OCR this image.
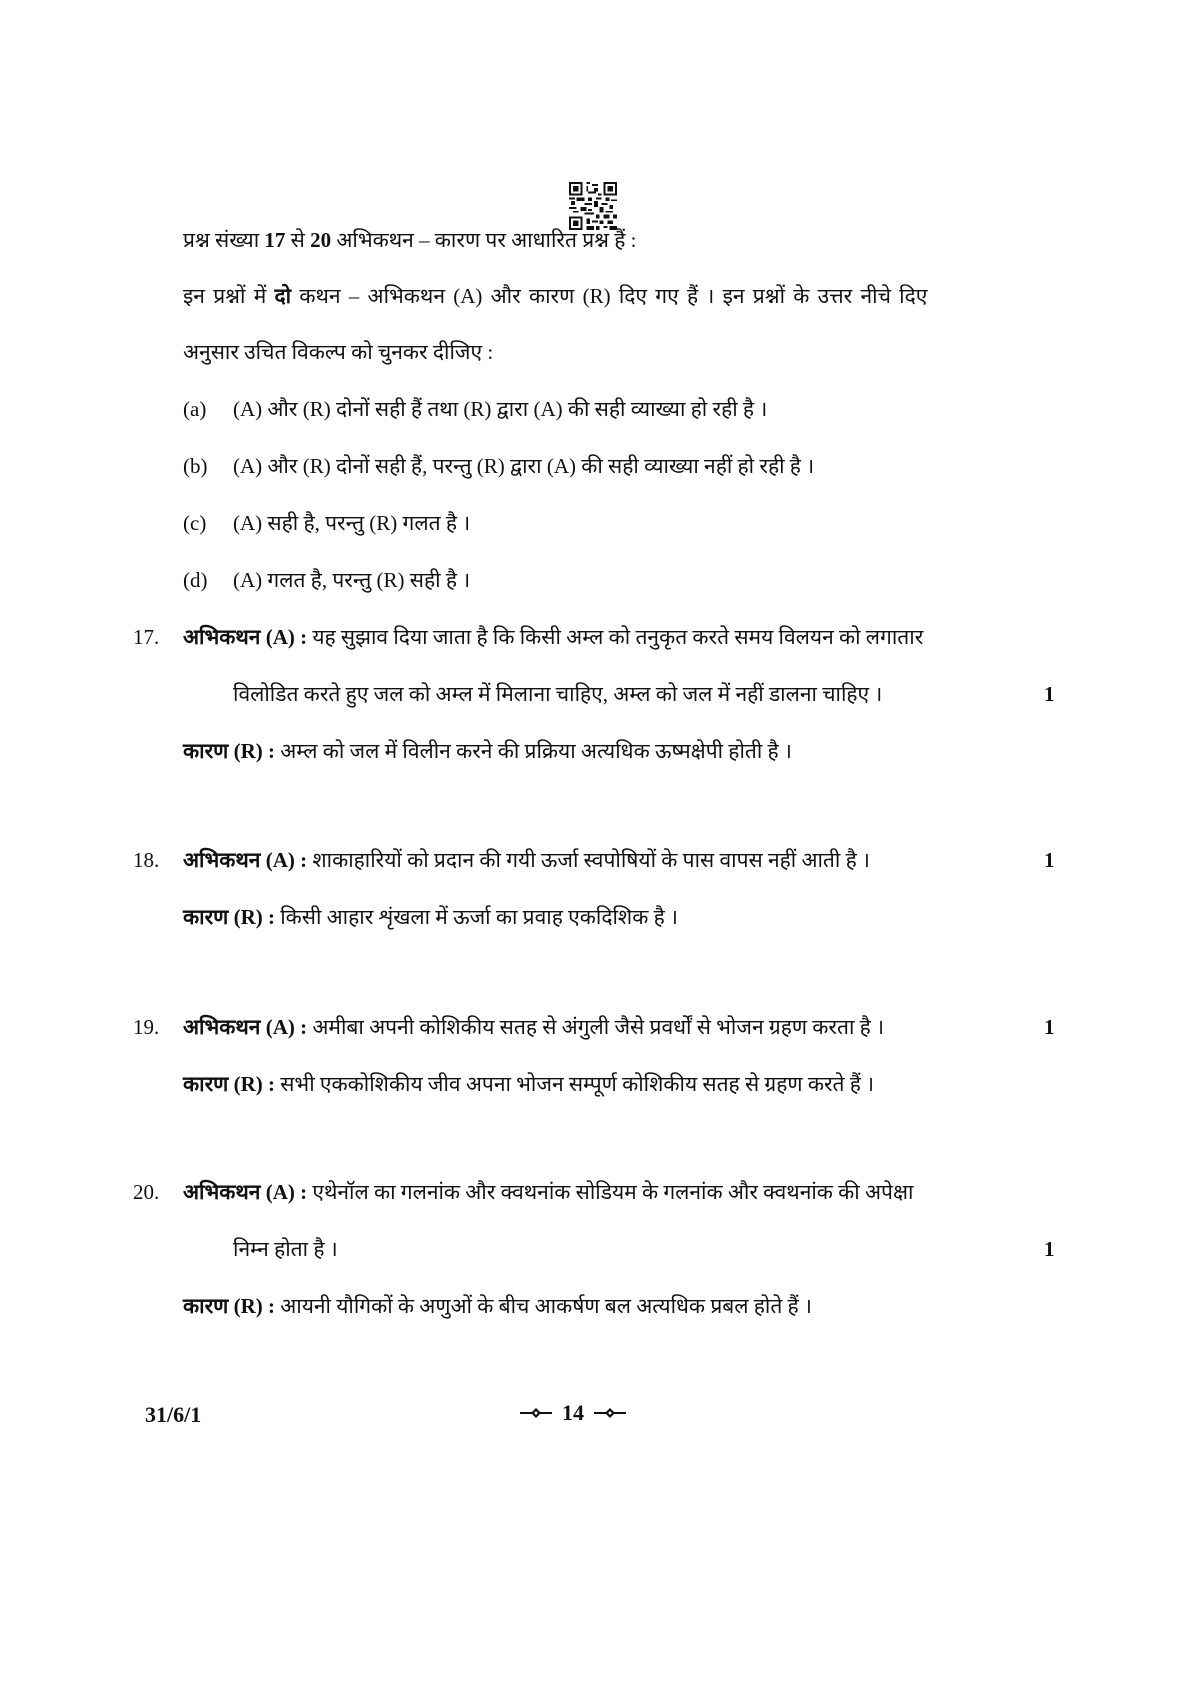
प्रश्न संख्या 17 से 20 अभिकथन – कारण पर आधारित प्रश्न हैं :
इन प्रश्नों में दो कथन – अभिकथन (A) और कारण (R) दिए गए हैं । इन प्रश्नों के उत्तर नीचे दिए
अनुसार उचित विकल्प को चुनकर दीजिए :
(a) (A) और (R) दोनों सही हैं तथा (R) द्वारा (A) की सही व्याख्या हो रही है ।
(b) (A) और (R) दोनों सही हैं, परन्तु (R) द्वारा (A) की सही व्याख्या नहीं हो रही है ।
(c) (A) सही है, परन्तु (R) गलत है ।
(d) (A) गलत है, परन्तु (R) सही है ।
17. अभिकथन (A) : यह सुझाव दिया जाता है कि किसी अम्ल को तनुकृत करते समय विलयन को लगातार
विलोडित करते हुए जल को अम्ल में मिलाना चाहिए, अम्ल को जल में नहीं डालना चाहिए ।	1
कारण (R) : अम्ल को जल में विलीन करने की प्रक्रिया अत्यधिक ऊष्मक्षेपी होती है ।
18. अभिकथन (A) : शाकाहारियों को प्रदान की गयी ऊर्जा स्वपोषियों के पास वापस नहीं आती है ।	1
कारण (R) : किसी आहार शृंखला में ऊर्जा का प्रवाह एकदिशिक है ।
19. अभिकथन (A) : अमीबा अपनी कोशिकीय सतह से अंगुली जैसे प्रवर्धों से भोजन ग्रहण करता है ।	1
कारण (R) : सभी एककोशिकीय जीव अपना भोजन सम्पूर्ण कोशिकीय सतह से ग्रहण करते हैं ।
20. अभिकथन (A) : एथेनॉल का गलनांक और क्वथनांक सोडियम के गलनांक और क्वथनांक की अपेक्षा
निम्न होता है ।	1
कारण (R) : आयनी यौगिकों के अणुओं के बीच आकर्षण बल अत्यधिक प्रबल होते हैं ।
31/6/1	14
